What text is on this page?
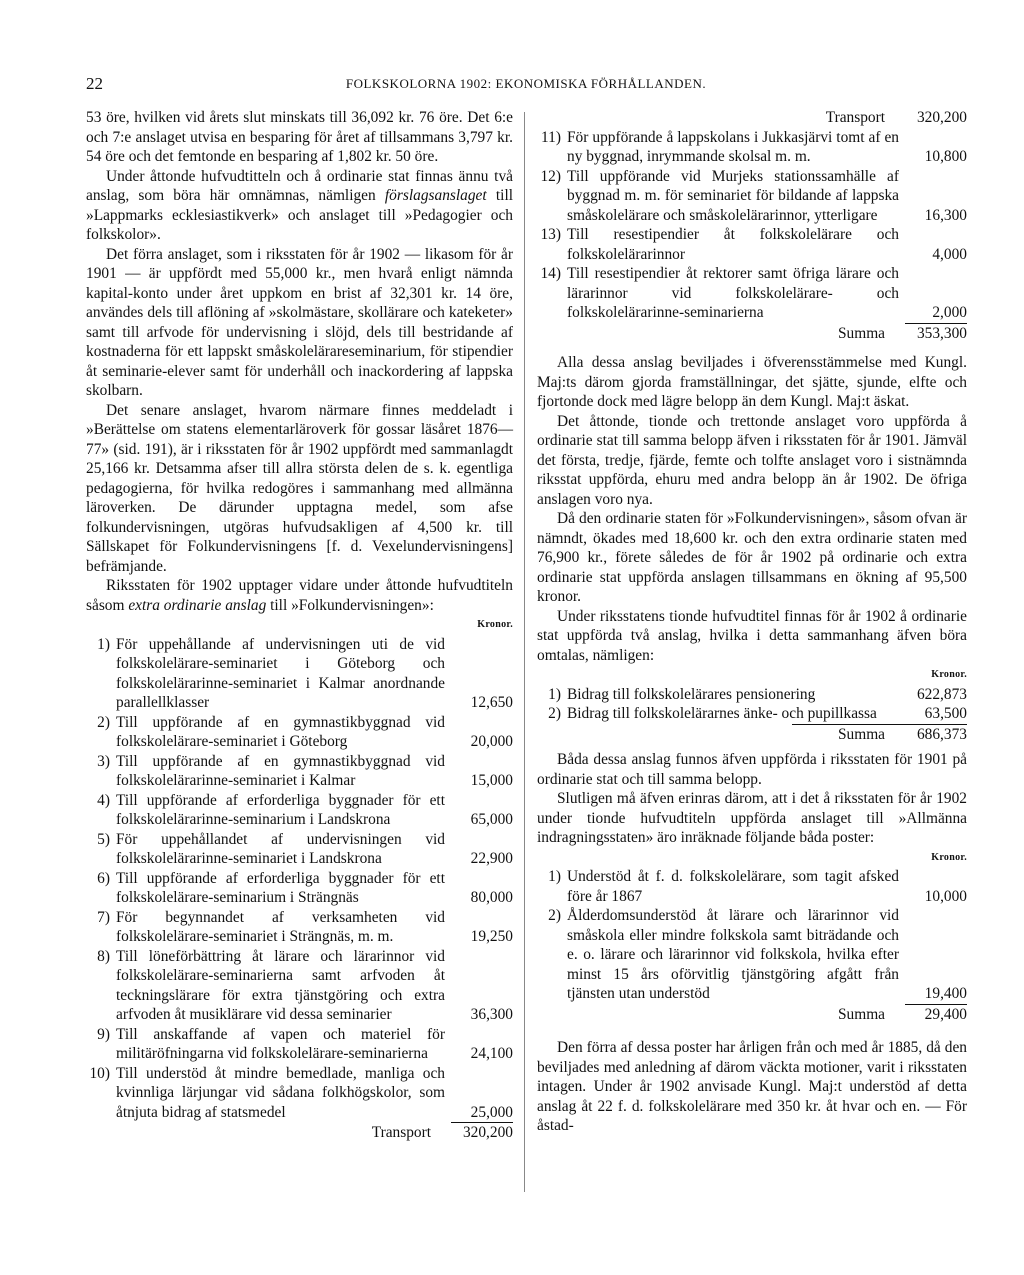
22	FOLKSKOLORNA 1902: EKONOMISKA FÖRHÅLLANDEN.

53 öre, hvilken vid årets slut minskats till 36,092 kr. 76 öre. Det 6:e och 7:e anslaget utvisa en besparing för året af tillsammans 3,797 kr. 54 öre och det femtonde en besparing af 1,802 kr. 50 öre.

Under åttonde hufvudtitteln och å ordinarie stat finnas ännu två anslag, som böra här omnämnas, nämligen förslagsanslaget till »Lappmarks ecklesiastikverk» och anslaget till »Pedagogier och folkskolor».

Det förra anslaget, som i riksstaten för år 1902 — likasom för år 1901 — är uppfördt med 55,000 kr., men hvarå enligt nämnda kapital-konto under året uppkom en brist af 32,301 kr. 14 öre, användes dels till aflöning af »skolmästare, skollärare och kateketer» samt till arfvode för undervisning i slöjd, dels till bestridande af kostnaderna för ett lappskt småskolelärareseminarium, för stipendier åt seminarie-elever samt för underhåll och inackordering af lappska skolbarn.

Det senare anslaget, hvarom närmare finnes meddeladt i »Berättelse om statens elementarläroverk för gossar läsåret 1876—77» (sid. 191), är i riksstaten för år 1902 uppfördt med sammanlagdt 25,166 kr. Detsamma afser till allra största delen de s. k. egentliga pedagogierna, för hvilka redogöres i sammanhang med allmänna läroverken. De därunder upptagna medel, som afse folkundervisningen, utgöras hufvudsakligen af 4,500 kr. till Sällskapet för Folkundervisningens [f. d. Vexelundervisningens] befrämjande.

Riksstaten för 1902 upptager vidare under åttonde hufvudtiteln såsom extra ordinarie anslag till »Folkundervisningen»:

Kronor.
1) För uppehållande af undervisningen uti de vid folkskolelärare-seminariet i Göteborg och folkskolelärarinne-seminariet i Kalmar anordnande parallellklasser	12,650
2) Till uppförande af en gymnastikbyggnad vid folkskolelärare-seminariet i Göteborg	20,000
3) Till uppförande af en gymnastikbyggnad vid folkskolelärarinne-seminariet i Kalmar	15,000
4) Till uppförande af erforderliga byggnader för ett folkskolelärarinne-seminarium i Landskrona	65,000
5) För uppehållandet af undervisningen vid folkskolelärarinne-seminariet i Landskrona	22,900
6) Till uppförande af erforderliga byggnader för ett folkskolelärare-seminarium i Strängnäs	80,000
7) För begynnandet af verksamheten vid folkskolelärare-seminariet i Strängnäs, m. m.	19,250
8) Till löneförbättring åt lärare och lärarinnor vid folkskolelärare-seminarierna samt arfvoden åt teckningslärare för extra tjänstgöring och extra arfvoden åt musiklärare vid dessa seminarier	36,300
9) Till anskaffande af vapen och materiel för militäröfningarna vid folkskolelärare-seminarierna	24,100
10) Till understöd åt mindre bemedlade, manliga och kvinnliga lärjungar vid sådana folkhögskolor, som åtnjuta bidrag af statsmedel	25,000
Transport	320,200
Transport	320,200
11) För uppförande å lappskolans i Jukkasjärvi tomt af en ny byggnad, inrymmande skolsal m. m.	10,800
12) Till uppförande vid Murjeks stationssamhälle af byggnad m. m. för seminariet för bildande af lappska småskolelärare och småskolelärarinnor, ytterligare	16,300
13) Till resestipendier åt folkskolelärare och folkskolelärarinnor	4,000
14) Till resestipendier åt rektorer samt öfriga lärare och lärarinnor vid folkskolelärare- och folkskolelärarinne-seminarierna	2,000
Summa	353,300

Alla dessa anslag beviljades i öfverensstämmelse med Kungl. Maj:ts därom gjorda framställningar, det sjätte, sjunde, elfte och fjortonde dock med lägre belopp än dem Kungl. Maj:t äskat.

Det åttonde, tionde och trettonde anslaget voro uppförda å ordinarie stat till samma belopp äfven i riksstaten för år 1901. Jämväl det första, tredje, fjärde, femte och tolfte anslaget voro i sistnämnda riksstat uppförda, ehuru med andra belopp än år 1902. De öfriga anslagen voro nya.

Då den ordinarie staten för »Folkundervisningen», såsom ofvan är nämndt, ökades med 18,600 kr. och den extra ordinarie staten med 76,900 kr., förete således de för år 1902 på ordinarie och extra ordinarie stat uppförda anslagen tillsammans en ökning af 95,500 kronor.

Under riksstatens tionde hufvudtitel finnas för år 1902 å ordinarie stat uppförda två anslag, hvilka i detta sammanhang äfven böra omtalas, nämligen:

Kronor.
1) Bidrag till folkskolelärares pensionering	622,873
2) Bidrag till folkskolelärarnes änke- och pupillkassa	63,500
Summa	686,373

Båda dessa anslag funnos äfven uppförda i riksstaten för 1901 på ordinarie stat och till samma belopp.

Slutligen må äfven erinras därom, att i det å riksstaten för år 1902 under tionde hufvudtiteln uppförda anslaget till »Allmänna indragningsstaten» äro inräknade följande båda poster:

Kronor.
1) Understöd åt f. d. folkskolelärare, som tagit afsked före år 1867	10,000
2) Ålderdomsunderstöd åt lärare och lärarinnor vid småskola eller mindre folkskola samt biträdande och e. o. lärare och lärarinnor vid folkskola, hvilka efter minst 15 års oförvitlig tjänstgöring afgått från tjänsten utan understöd	19,400
Summa	29,400

Den förra af dessa poster har årligen från och med år 1885, då den beviljades med anledning af därom väckta motioner, varit i riksstaten intagen. Under år 1902 anvisade Kungl. Maj:t understöd af detta anslag åt 22 f. d. folkskolelärare med 350 kr. åt hvar och en. — För åstad-
